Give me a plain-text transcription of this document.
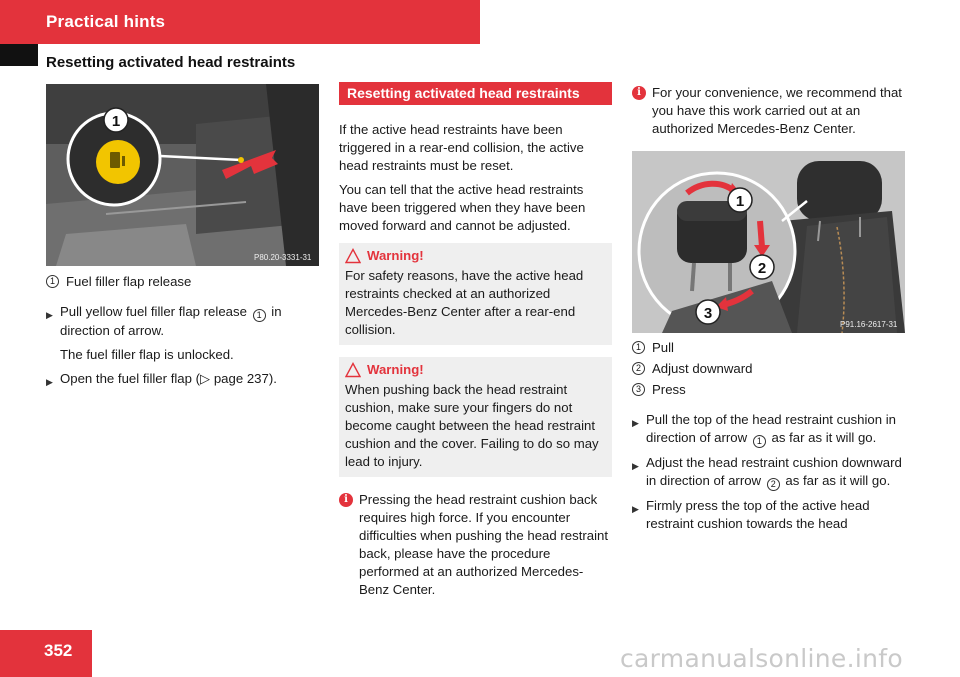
Practical hints
Resetting activated head restraints
1
P80.20-3331-31
1 Fuel filler flap release
▶ Pull yellow fuel filler flap release 1 in direction of arrow.
The fuel filler flap is unlocked.
▶ Open the fuel filler flap (▷ page 237).
Resetting activated head restraints

If the active head restraints have been triggered in a rear-end collision, the active head restraints must be reset.

You can tell that the active head restraints have been triggered when they have been moved forward and cannot be adjusted.

Warning!
For safety reasons, have the active head restraints checked at an authorized Mercedes-Benz Center after a rear-end collision.
Warning!
When pushing back the head restraint cushion, make sure your fingers do not become caught between the head restraint cushion and the cover. Failing to do so may lead to injury.
i Pressing the head restraint cushion back requires high force. If you encounter difficulties when pushing the head restraint back, please have the procedure performed at an authorized Mercedes-Benz Center.
i For your convenience, we recommend that you have this work carried out at an authorized Mercedes-Benz Center.
1
2
3
P91.16-2617-31
1 Pull
2 Adjust downward
3 Press
▶ Pull the top of the head restraint cushion in direction of arrow 1 as far as it will go.
▶ Adjust the head restraint cushion downward in direction of arrow 2 as far as it will go.
▶ Firmly press the top of the active head restraint cushion towards the head
352	carmanualsonline.info
